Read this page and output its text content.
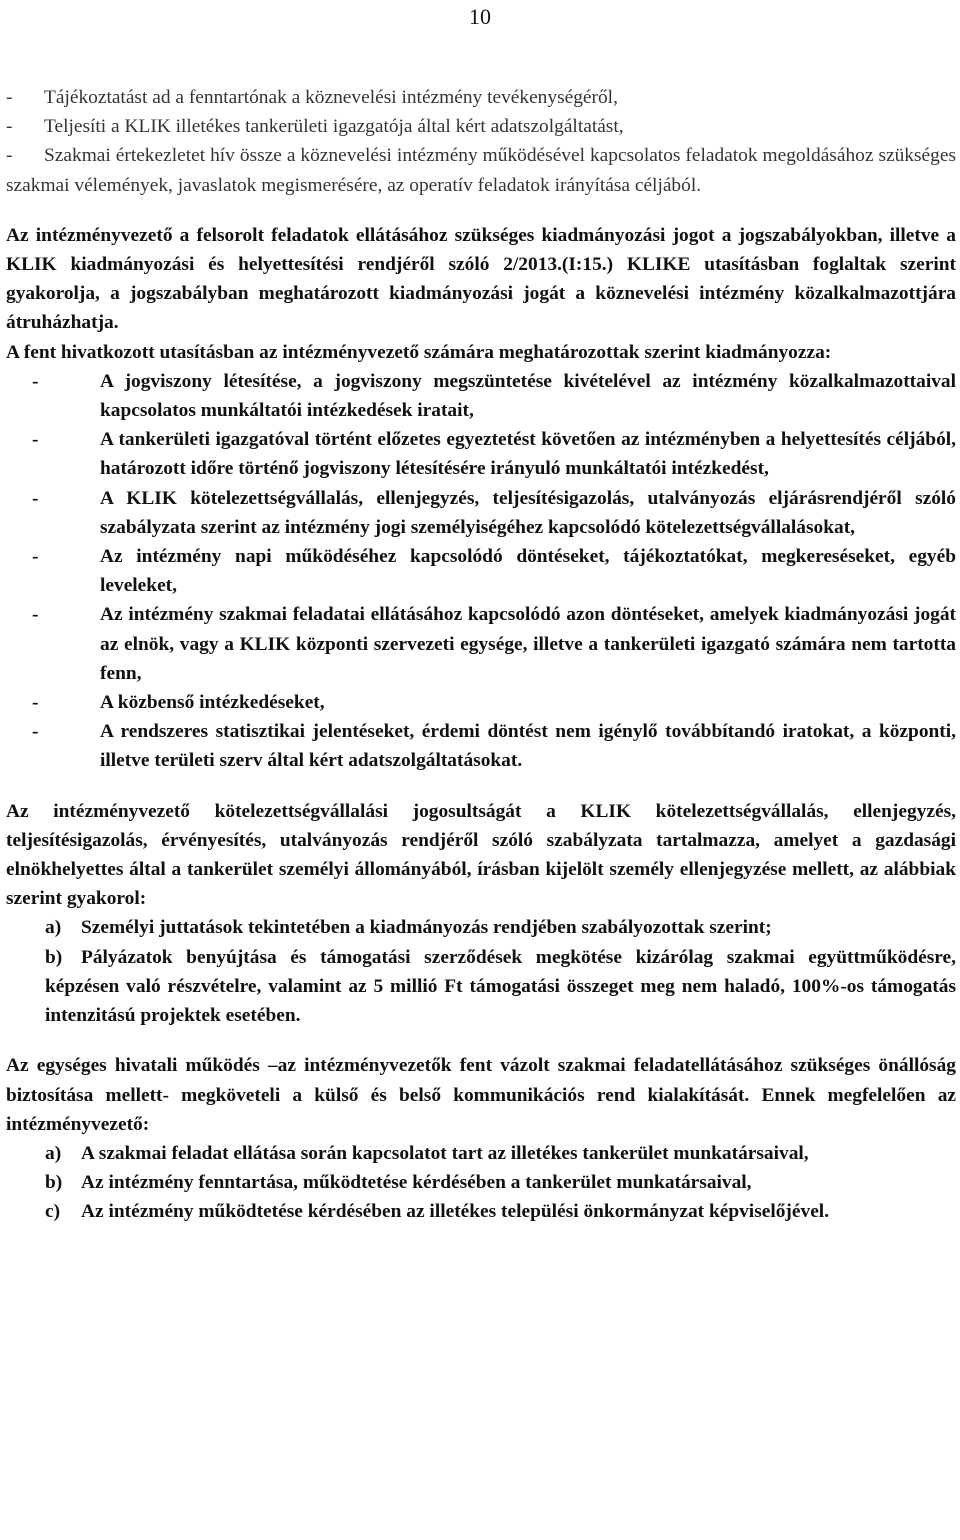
10
- Tájékoztatást ad a fenntartónak a köznevelési intézmény tevékenységéről,
- Teljesíti a KLIK illetékes tankerületi igazgatója által kért adatszolgáltatást,
- Szakmai értekezletet hív össze a köznevelési intézmény működésével kapcsolatos feladatok megoldásához szükséges szakmai vélemények, javaslatok megismerésére, az operatív feladatok irányítása céljából.

Az intézményvezető a felsorolt feladatok ellátásához szükséges kiadmányozási jogot a jogszabályokban, illetve a KLIK kiadmányozási és helyettesítési rendjéről szóló 2/2013.(I:15.) KLIKE utasításban foglaltak szerint gyakorolja, a jogszabályban meghatározott kiadmányozási jogát a köznevelési intézmény közalkalmazottjára átruházhatja.

A fent hivatkozott utasításban az intézményvezető számára meghatározottak szerint kiadmányozza:

-	A jogviszony létesítése, a jogviszony megszüntetése kivételével az intézmény közalkalmazottaival kapcsolatos munkáltatói intézkedések iratait,
-	A tankerületi igazgatóval történt előzetes egyeztetést követően az intézményben a helyettesítés céljából, határozott időre történő jogviszony létesítésére irányuló munkáltatói intézkedést,
-	A KLIK kötelezettségvállalás, ellenjegyzés, teljesítésigazolás, utalványozás eljárásrendjéről szóló szabályzata szerint az intézmény jogi személyiségéhez kapcsolódó kötelezettségvállalásokat,
-	Az intézmény napi működéséhez kapcsolódó döntéseket, tájékoztatókat, megkereséseket, egyéb leveleket,
-	Az intézmény szakmai feladatai ellátásához kapcsolódó azon döntéseket, amelyek kiadmányozási jogát az elnök, vagy a KLIK központi szervezeti egysége, illetve a tankerületi igazgató számára nem tartotta fenn,
-	A közbenső intézkedéseket,
-	A rendszeres statisztikai jelentéseket, érdemi döntést nem igénylő továbbítandó iratokat, a központi, illetve területi szerv által kért adatszolgáltatásokat.

Az intézményvezető kötelezettségvállalási jogosultságát a KLIK kötelezettségvállalás, ellenjegyzés, teljesítésigazolás, érvényesítés, utalványozás rendjéről szóló szabályzata tartalmazza, amelyet a gazdasági elnökhelyettes által a tankerület személyi állományából, írásban kijelölt személy ellenjegyzése mellett, az alábbiak szerint gyakorol:

a) Személyi juttatások tekintetében a kiadmányozás rendjében szabályozottak szerint;
b) Pályázatok benyújtása és támogatási szerződések megkötése kizárólag szakmai együttműködésre, képzésen való részvételre, valamint az 5 millió Ft támogatási összeget meg nem haladó, 100%-os támogatás intenzitású projektek esetében.

Az egységes hivatali működés –az intézményvezetők fent vázolt szakmai feladatellátásához szükséges önállóság biztosítása mellett- megköveteli a külső és belső kommunikációs rend kialakítását. Ennek megfelelően az intézményvezető:

a) A szakmai feladat ellátása során kapcsolatot tart az illetékes tankerület munkatársaival,
b) Az intézmény fenntartása, működtetése kérdésében a tankerület munkatársaival,
c) Az intézmény működtetése kérdésében az illetékes települési önkormányzat képviselőjével.
